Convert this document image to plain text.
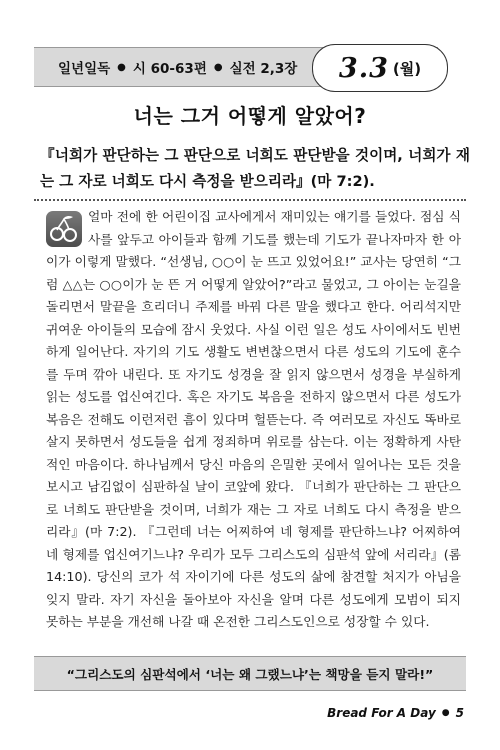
일년일독 ● 시 60-63편 ● 실전 2,3장 3.3 (월)
너는 그거 어떻게 알았어?
『너희가 판단하는 그 판단으로 너희도 판단받을 것이며, 너희가 재는 그 자로 너희도 다시 측정을 받으리라』(마 7:2).
얼마 전에 한 어린이집 교사에게서 재미있는 얘기를 들었다. 점심 식사를 앞두고 아이들과 함께 기도를 했는데 기도가 끝나자마자 한 아이가 이렇게 말했다. “선생님, ○○이 눈 뜨고 있었어요!” 교사는 당연히 “그럼 △△는 ○○이가 눈 뜬 거 어떻게 알았어?”라고 물었고, 그 아이는 눈길을 돌리면서 말끝을 흐리더니 주제를 바꿔 다른 말을 했다고 한다. 어리석지만 귀여운 아이들의 모습에 잠시 웃었다. 사실 이런 일은 성도 사이에서도 빈번하게 일어난다. 자기의 기도 생활도 변변찮으면서 다른 성도의 기도에 훈수를 두며 깎아 내린다. 또 자기도 성경을 잘 읽지 않으면서 성경을 부실하게 읽는 성도를 업신여긴다. 혹은 자기도 복음을 전하지 않으면서 다른 성도가 복음은 전해도 이런저런 흠이 있다며 헐뜯는다. 즉 여러모로 자신도 똑바로 살지 못하면서 성도들을 쉽게 정죄하며 위로를 삼는다. 이는 정확하게 사탄적인 마음이다. 하나님께서 당신 마음의 은밀한 곳에서 일어나는 모든 것을 보시고 남김없이 심판하실 날이 코앞에 왔다. 『너희가 판단하는 그 판단으로 너희도 판단받을 것이며, 너희가 재는 그 자로 너희도 다시 측정을 받으리라』(마 7:2). 『그런데 너는 어찌하여 네 형제를 판단하느냐? 어찌하여 네 형제를 업신여기느냐? 우리가 모두 그리스도의 심판석 앞에 서리라』(롬 14:10). 당신의 코가 석 자이기에 다른 성도의 삶에 참견할 처지가 아님을 잊지 말라. 자기 자신을 돌아보아 자신을 알며 다른 성도에게 모범이 되지 못하는 부분을 개선해 나갈 때 온전한 그리스도인으로 성장할 수 있다.
“그리스도의 심판석에서 ‘너는 왜 그랬느냐’는 책망을 듣지 말라!”
Bread For A Day ● 5
